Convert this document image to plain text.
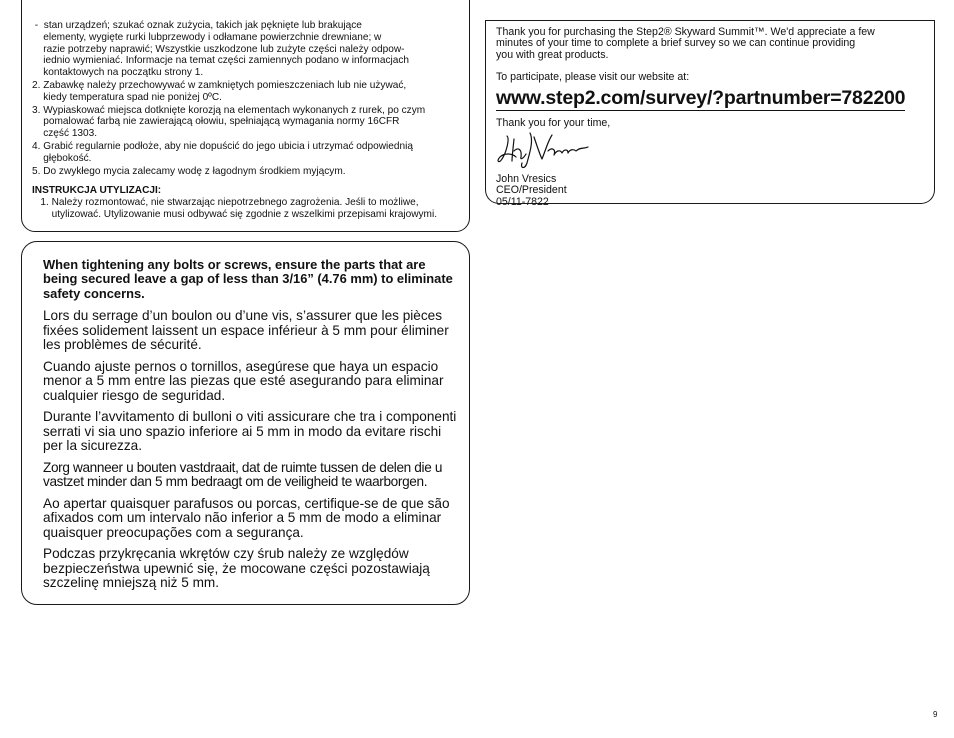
-  stan urządzeń; szukać oznak zużycia, takich jak pęknięte lub brakujące
elementy, wygięte rurki lubprzewody i odłamane powierzchnie drewniane; w
razie potrzeby naprawić; Wszystkie uszkodzone lub zużyte części należy odpow-
iednio wymieniać. Informacje na temat części zamiennych podano w informacjach
kontaktowych na początku strony 1.
2. Zabawkę należy przechowywać w zamkniętych pomieszczeniach lub nie używać,
kiedy temperatura spad nie poniżej 0ºC.
3. Wypiaskować miejsca dotknięte korozją na elementach wykonanych z rurek, po czym
pomalować farbą nie zawierającą ołowiu, spełniającą wymagania normy 16CFR
część 1303.
4. Grabić regularnie podłoże, aby nie dopuścić do jego ubicia i utrzymać odpowiednią
głębokość.
5. Do zwykłego mycia zalecamy wodę z łagodnym środkiem myjącym.
INSTRUKCJA UTYLIZACJI:
1. Należy rozmontować, nie stwarzając niepotrzebnego zagrożenia. Jeśli to możliwe,
utylizować. Utylizowanie musi odbywać się zgodnie z wszelkimi przepisami krajowymi.
Thank you for purchasing the Step2® Skyward Summit™. We'd appreciate a few
minutes of your time to complete a brief survey so we can continue providing
you with great products.
To participate, please visit our website at:
www.step2.com/survey/?partnumber=782200
Thank you for your time,
John Vresics
CEO/President
05/11-7822

When tightening any bolts or screws, ensure the parts that are being secured leave a gap of less than 3/16” (4.76 mm) to eliminate safety concerns.

Lors du serrage d’un boulon ou d’une vis, s’assurer que les pièces fixées solidement laissent un espace inférieur à 5 mm pour éliminer les problèmes de sécurité.

Cuando ajuste pernos o tornillos, asegúrese que haya un espacio menor a 5 mm entre las piezas que esté asegurando para eliminar cualquier riesgo de seguridad.

Durante l’avvitamento di bulloni o viti assicurare che tra i componenti serrati vi sia uno spazio inferiore ai 5 mm in modo da evitare rischi per la sicurezza.

Zorg wanneer u bouten vastdraait, dat de ruimte tussen de delen die u vastzet minder dan 5 mm bedraagt om de veiligheid te waarborgen.

Ao apertar quaisquer parafusos ou porcas, certifique-se de que são afixados com um intervalo não inferior a 5 mm de modo a eliminar quaisquer preocupações com a segurança.

Podczas przykręcania wkrętów czy śrub należy ze względów bezpieczeństwa upewnić się, że mocowane części pozostawiają szczelinę mniejszą niż 5 mm.

9
